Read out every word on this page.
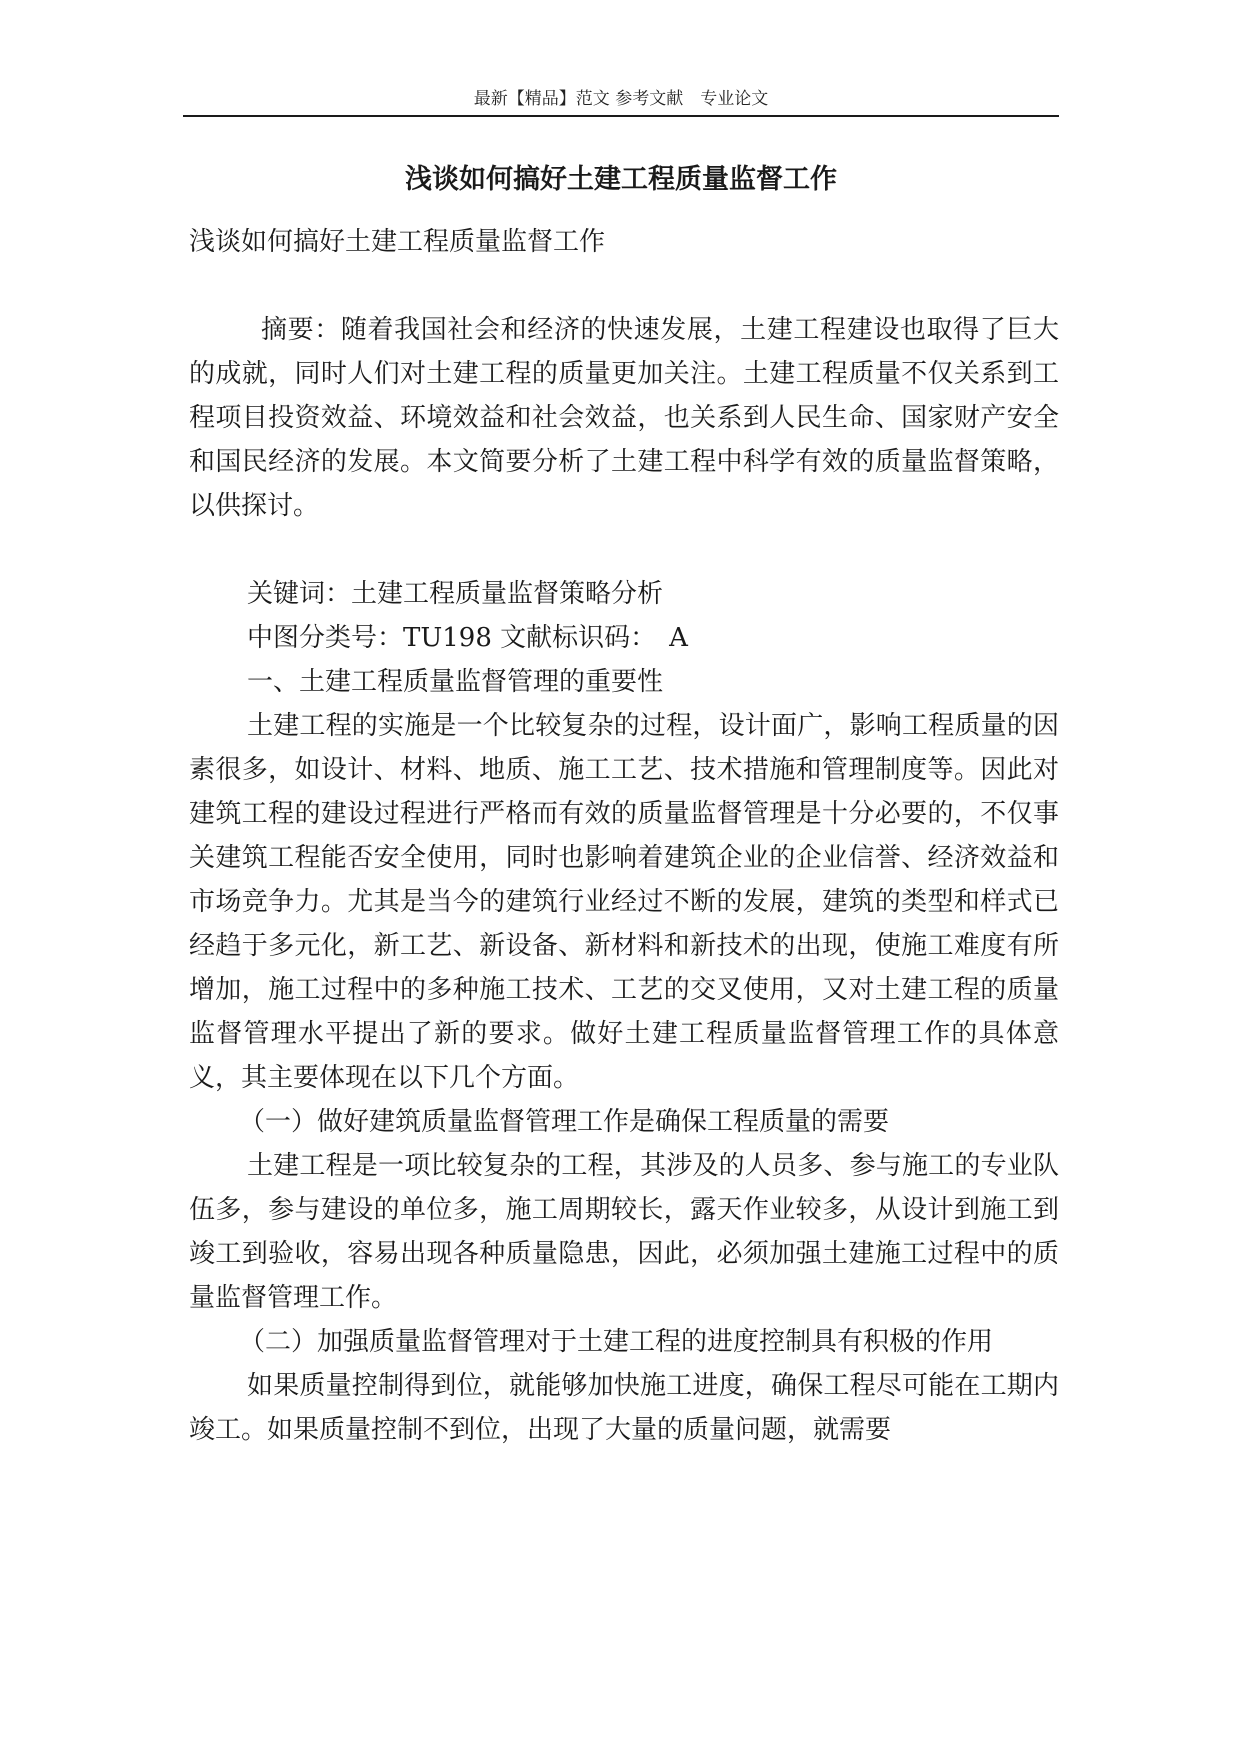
最新【精品】范文 参考文献　专业论文
浅谈如何搞好土建工程质量监督工作

浅谈如何搞好土建工程质量监督工作

摘要：随着我国社会和经济的快速发展，土建工程建设也取得了巨大的成就，同时人们对土建工程的质量更加关注。土建工程质量不仅关系到工程项目投资效益、环境效益和社会效益，也关系到人民生命、国家财产安全和国民经济的发展。本文简要分析了土建工程中科学有效的质量监督策略，以供探讨。

关键词：土建工程质量监督策略分析

中图分类号：TU198 文献标识码：　A

一、土建工程质量监督管理的重要性

土建工程的实施是一个比较复杂的过程，设计面广，影响工程质量的因素很多，如设计、材料、地质、施工工艺、技术措施和管理制度等。因此对建筑工程的建设过程进行严格而有效的质量监督管理是十分必要的，不仅事关建筑工程能否安全使用，同时也影响着建筑企业的企业信誉、经济效益和市场竞争力。尤其是当今的建筑行业经过不断的发展，建筑的类型和样式已经趋于多元化，新工艺、新设备、新材料和新技术的出现，使施工难度有所增加，施工过程中的多种施工技术、工艺的交叉使用，又对土建工程的质量监督管理水平提出了新的要求。做好土建工程质量监督管理工作的具体意义，其主要体现在以下几个方面。

（一）做好建筑质量监督管理工作是确保工程质量的需要

土建工程是一项比较复杂的工程，其涉及的人员多、参与施工的专业队伍多，参与建设的单位多，施工周期较长，露天作业较多，从设计到施工到竣工到验收，容易出现各种质量隐患，因此，必须加强土建施工过程中的质量监督管理工作。

（二）加强质量监督管理对于土建工程的进度控制具有积极的作用

如果质量控制得到位，就能够加快施工进度，确保工程尽可能在工期内竣工。如果质量控制不到位，出现了大量的质量问题，就需要
